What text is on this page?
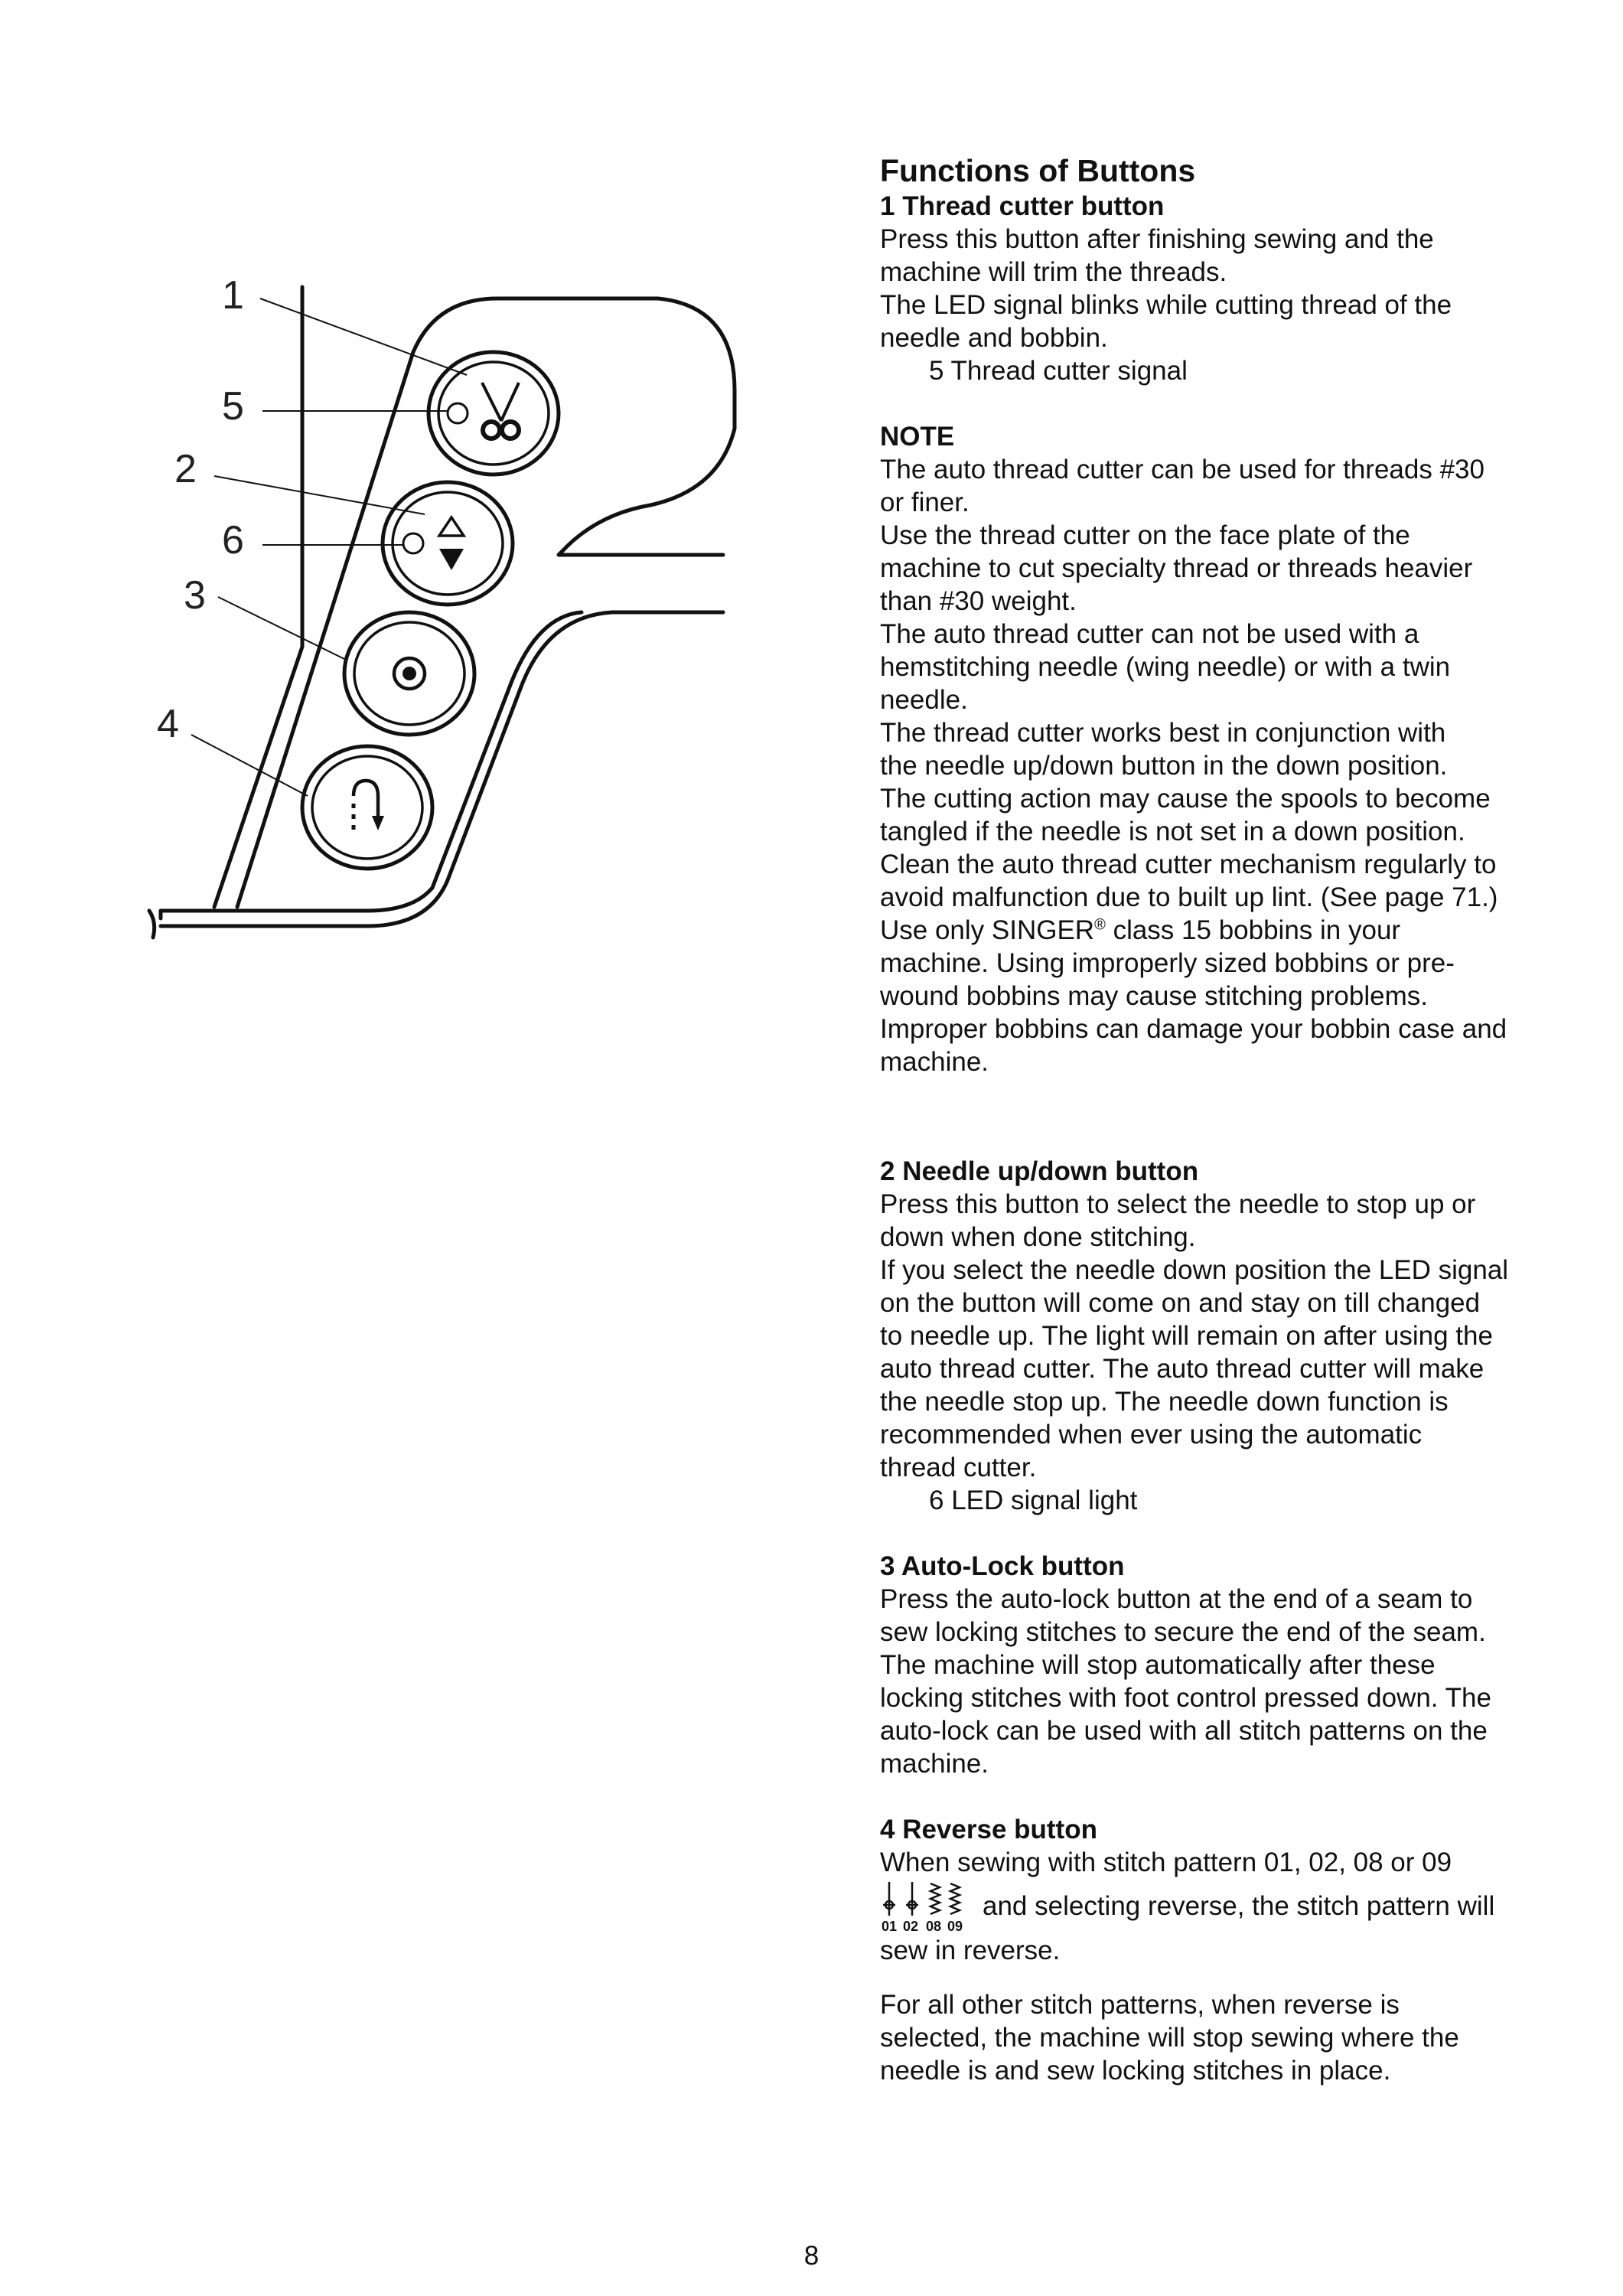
1
5
2
6
3
4

Functions of Buttons

1 Thread cutter button

Press this button after finishing sewing and the

machine will trim the threads.

The LED signal blinks while cutting thread of the

needle and bobbin.

5 Thread cutter signal

NOTE

The auto thread cutter can be used for threads #30

or finer.

Use the thread cutter on the face plate of the

machine to cut specialty thread or threads heavier

than #30 weight.

The auto thread cutter can not be used with a

hemstitching needle (wing needle) or with a twin

needle.

The thread cutter works best in conjunction with

the needle up/down button in the down position.

The cutting action may cause the spools to become

tangled if the needle is not set in a down position.

Clean the auto thread cutter mechanism regularly to

avoid malfunction due to built up lint. (See page 71.)

Use only SINGER® class 15 bobbins in your

machine. Using improperly sized bobbins or pre-

wound bobbins may cause stitching problems.

Improper bobbins can damage your bobbin case and

machine.

2 Needle up/down button

Press this button to select the needle to stop up or

down when done stitching.

If you select the needle down position the LED signal

on the button will come on and stay on till changed

to needle up. The light will remain on after using the

auto thread cutter. The auto thread cutter will make

the needle stop up. The needle down function is

recommended when ever using the automatic

thread cutter.

6 LED signal light

3 Auto-Lock button

Press the auto-lock button at the end of a seam to

sew locking stitches to secure the end of the seam.

The machine will stop automatically after these

locking stitches with foot control pressed down. The

auto-lock can be used with all stitch patterns on the

machine.

4 Reverse button

When sewing with stitch pattern 01, 02, 08 or 09

01 02 08 09

and selecting reverse, the stitch pattern will

sew in reverse.

For all other stitch patterns, when reverse is

selected, the machine will stop sewing where the

needle is and sew locking stitches in place.

8
